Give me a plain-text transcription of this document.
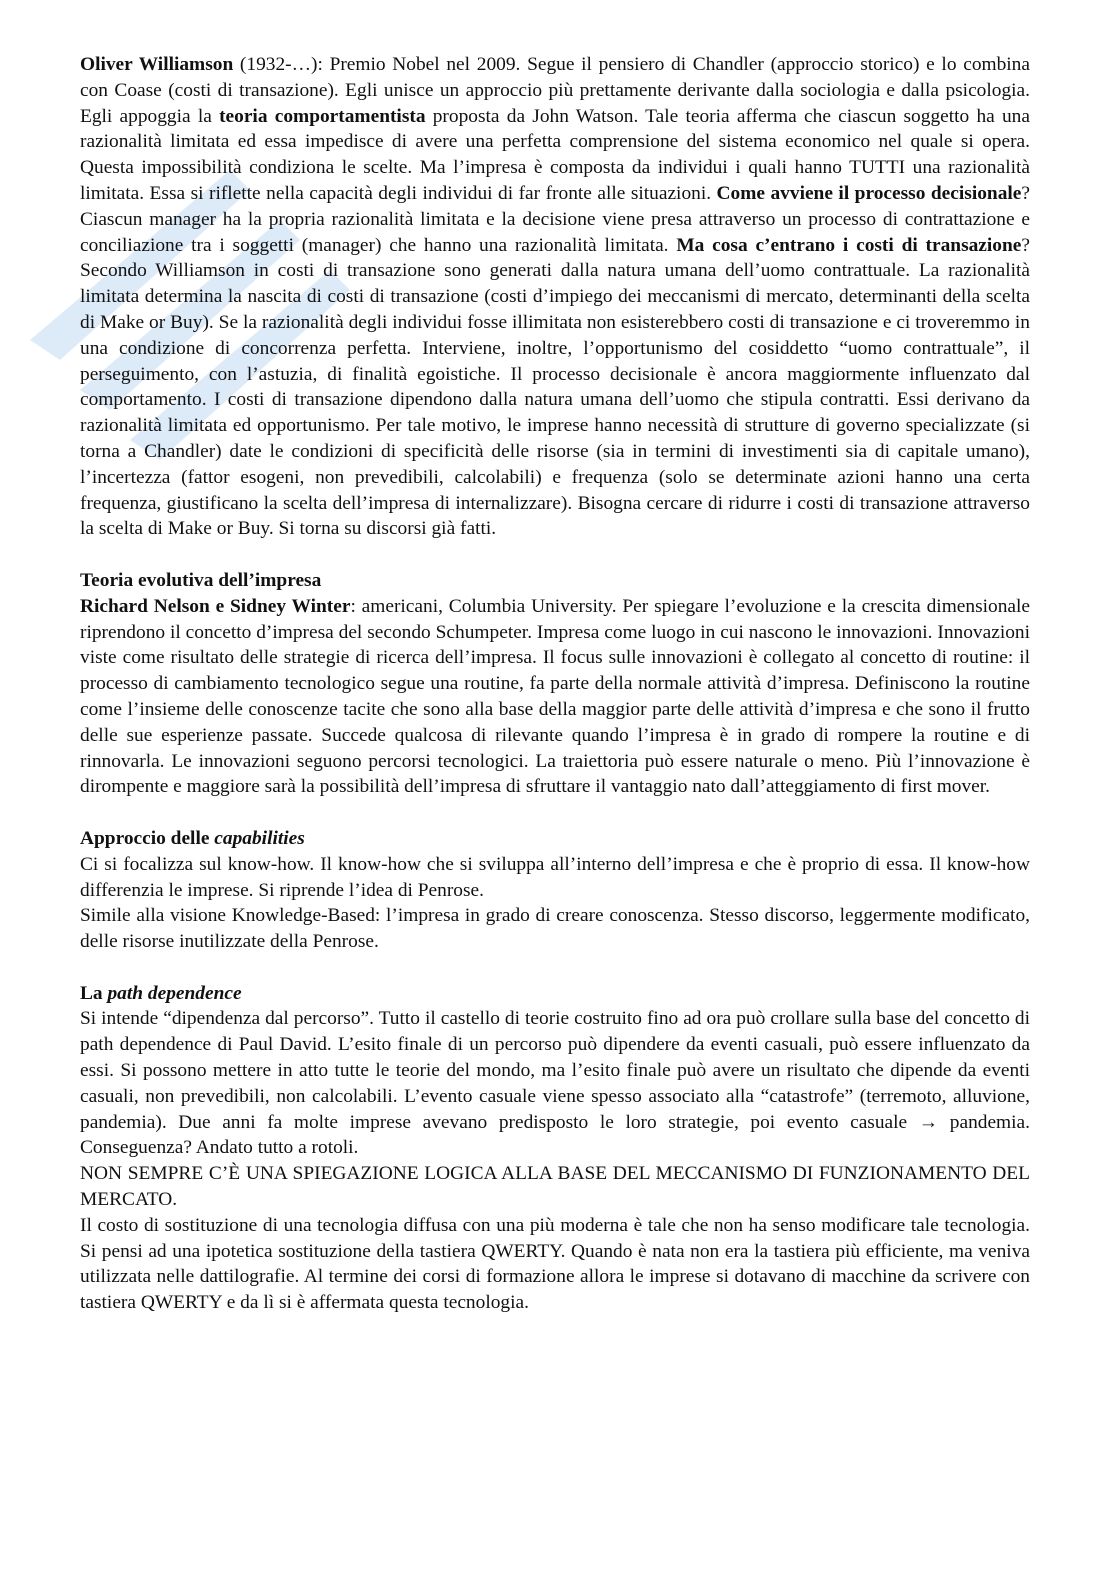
Oliver Williamson (1932-…): Premio Nobel nel 2009. Segue il pensiero di Chandler (approccio storico) e lo combina con Coase (costi di transazione). Egli unisce un approccio più prettamente derivante dalla sociologia e dalla psicologia. Egli appoggia la teoria comportamentista proposta da John Watson. Tale teoria afferma che ciascun soggetto ha una razionalità limitata ed essa impedisce di avere una perfetta comprensione del sistema economico nel quale si opera. Questa impossibilità condiziona le scelte. Ma l’impresa è composta da individui i quali hanno TUTTI una razionalità limitata. Essa si riflette nella capacità degli individui di far fronte alle situazioni. Come avviene il processo decisionale? Ciascun manager ha la propria razionalità limitata e la decisione viene presa attraverso un processo di contrattazione e conciliazione tra i soggetti (manager) che hanno una razionalità limitata. Ma cosa c’entrano i costi di transazione? Secondo Williamson in costi di transazione sono generati dalla natura umana dell’uomo contrattuale. La razionalità limitata determina la nascita di costi di transazione (costi d’impiego dei meccanismi di mercato, determinanti della scelta di Make or Buy). Se la razionalità degli individui fosse illimitata non esisterebbero costi di transazione e ci troveremmo in una condizione di concorrenza perfetta. Interviene, inoltre, l’opportunismo del cosiddetto “uomo contrattuale”, il perseguimento, con l’astuzia, di finalità egoistiche. Il processo decisionale è ancora maggiormente influenzato dal comportamento. I costi di transazione dipendono dalla natura umana dell’uomo che stipula contratti. Essi derivano da razionalità limitata ed opportunismo. Per tale motivo, le imprese hanno necessità di strutture di governo specializzate (si torna a Chandler) date le condizioni di specificità delle risorse (sia in termini di investimenti sia di capitale umano), l’incertezza (fattor esogeni, non prevedibili, calcolabili) e frequenza (solo se determinate azioni hanno una certa frequenza, giustificano la scelta dell’impresa di internalizzare). Bisogna cercare di ridurre i costi di transazione attraverso la scelta di Make or Buy. Si torna su discorsi già fatti.

Teoria evolutiva dell’impresa

Richard Nelson e Sidney Winter: americani, Columbia University. Per spiegare l’evoluzione e la crescita dimensionale riprendono il concetto d’impresa del secondo Schumpeter. Impresa come luogo in cui nascono le innovazioni. Innovazioni viste come risultato delle strategie di ricerca dell’impresa. Il focus sulle innovazioni è collegato al concetto di routine: il processo di cambiamento tecnologico segue una routine, fa parte della normale attività d’impresa. Definiscono la routine come l’insieme delle conoscenze tacite che sono alla base della maggior parte delle attività d’impresa e che sono il frutto delle sue esperienze passate. Succede qualcosa di rilevante quando l’impresa è in grado di rompere la routine e di rinnovarla. Le innovazioni seguono percorsi tecnologici. La traiettoria può essere naturale o meno. Più l’innovazione è dirompente e maggiore sarà la possibilità dell’impresa di sfruttare il vantaggio nato dall’atteggiamento di first mover.

Approccio delle capabilities

Ci si focalizza sul know-how. Il know-how che si sviluppa all’interno dell’impresa e che è proprio di essa. Il know-how differenzia le imprese. Si riprende l’idea di Penrose.

Simile alla visione Knowledge-Based: l’impresa in grado di creare conoscenza. Stesso discorso, leggermente modificato, delle risorse inutilizzate della Penrose.

La path dependence

Si intende “dipendenza dal percorso”. Tutto il castello di teorie costruito fino ad ora può crollare sulla base del concetto di path dependence di Paul David. L’esito finale di un percorso può dipendere da eventi casuali, può essere influenzato da essi. Si possono mettere in atto tutte le teorie del mondo, ma l’esito finale può avere un risultato che dipende da eventi casuali, non prevedibili, non calcolabili. L’evento casuale viene spesso associato alla “catastrofe” (terremoto, alluvione, pandemia). Due anni fa molte imprese avevano predisposto le loro strategie, poi evento casuale → pandemia. Conseguenza? Andato tutto a rotoli.

NON SEMPRE C’È UNA SPIEGAZIONE LOGICA ALLA BASE DEL MECCANISMO DI FUNZIONAMENTO DEL MERCATO.

Il costo di sostituzione di una tecnologia diffusa con una più moderna è tale che non ha senso modificare tale tecnologia. Si pensi ad una ipotetica sostituzione della tastiera QWERTY. Quando è nata non era la tastiera più efficiente, ma veniva utilizzata nelle dattilografie. Al termine dei corsi di formazione allora le imprese si dotavano di macchine da scrivere con tastiera QWERTY e da lì si è affermata questa tecnologia.
